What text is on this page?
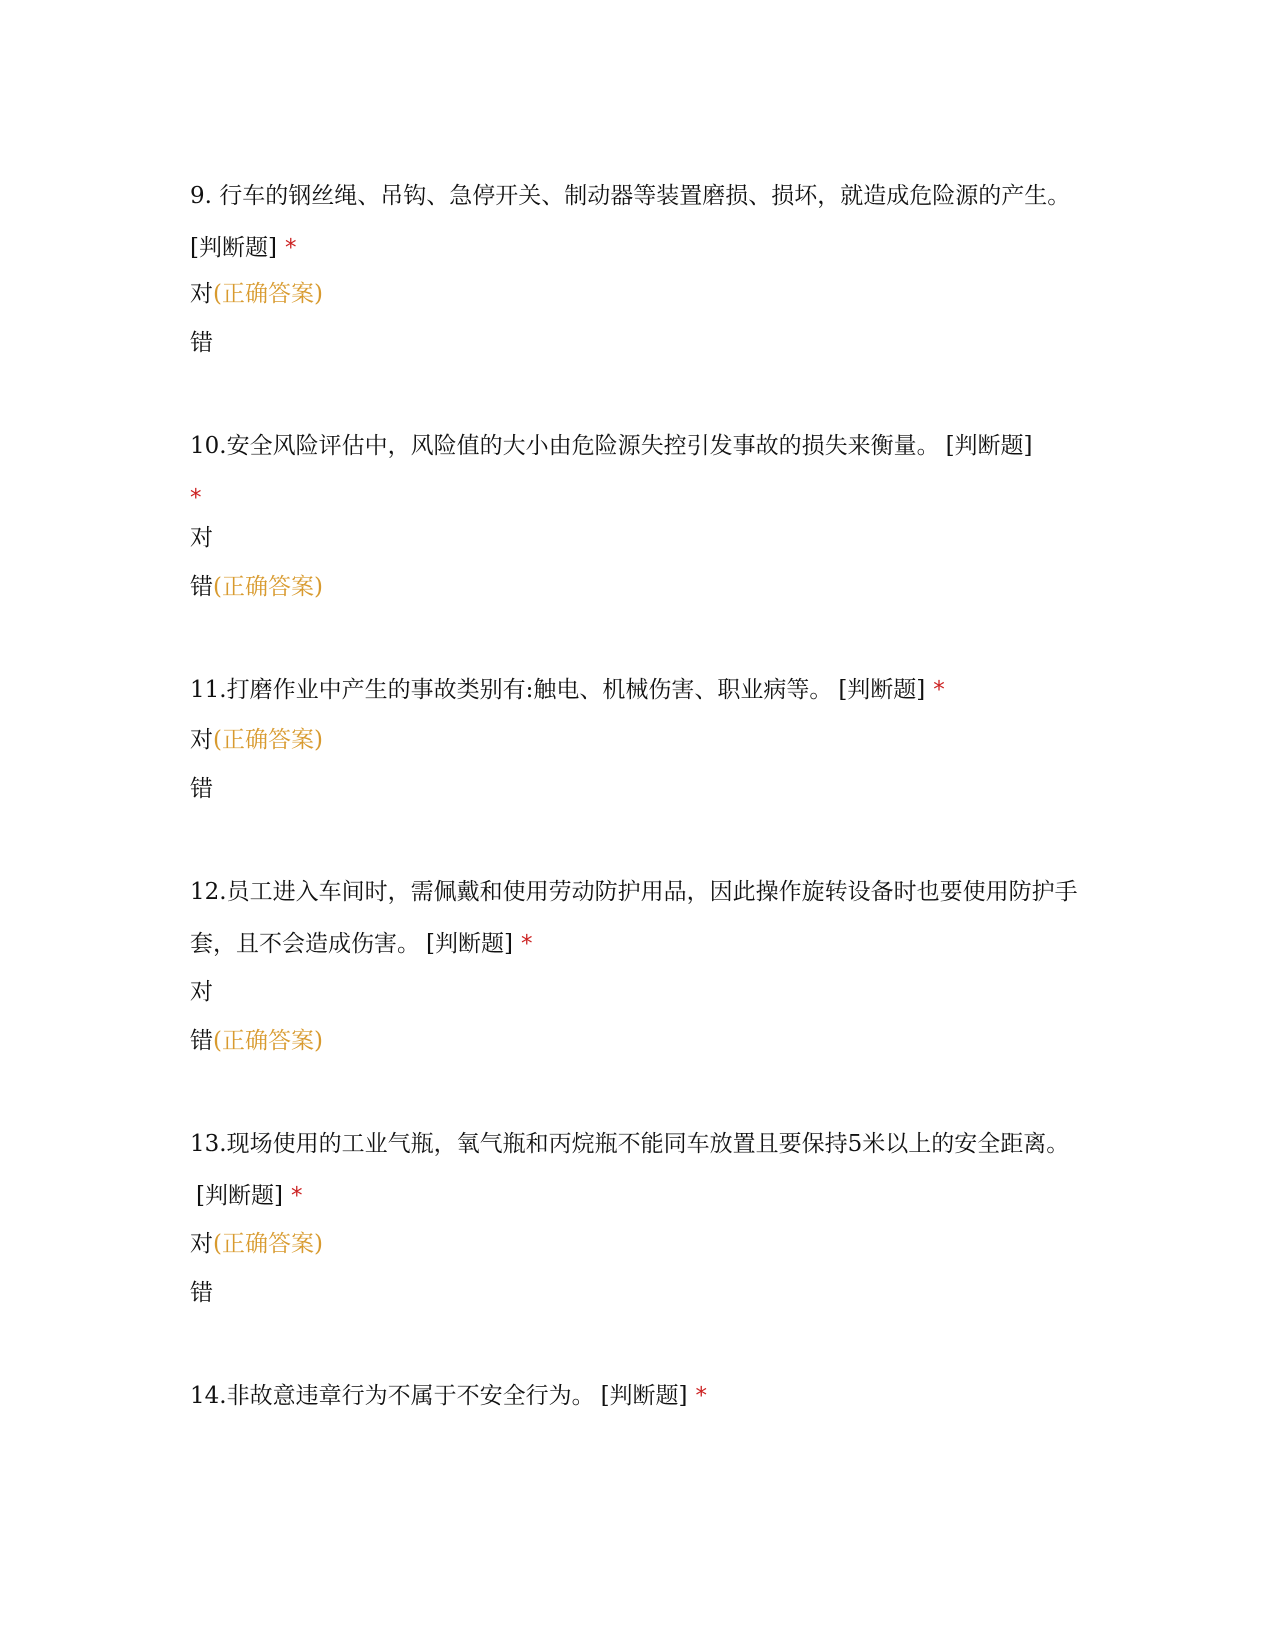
9. 行车的钢丝绳、吊钩、急停开关、制动器等装置磨损、损坏，就造成危险源的产生。
[判断题] *
对(正确答案)
错
10.安全风险评估中，风险值的大小由危险源失控引发事故的损失来衡量。 [判断题]
*
对
错(正确答案)
11.打磨作业中产生的事故类别有:触电、机械伤害、职业病等。 [判断题] *
对(正确答案)
错
12.员工进入车间时，需佩戴和使用劳动防护用品，因此操作旋转设备时也要使用防护手套，且不会造成伤害。 [判断题] *
对
错(正确答案)
13.现场使用的工业气瓶，氧气瓶和丙烷瓶不能同车放置且要保持5米以上的安全距离。[判断题] *
对(正确答案)
错
14.非故意违章行为不属于不安全行为。 [判断题] *
